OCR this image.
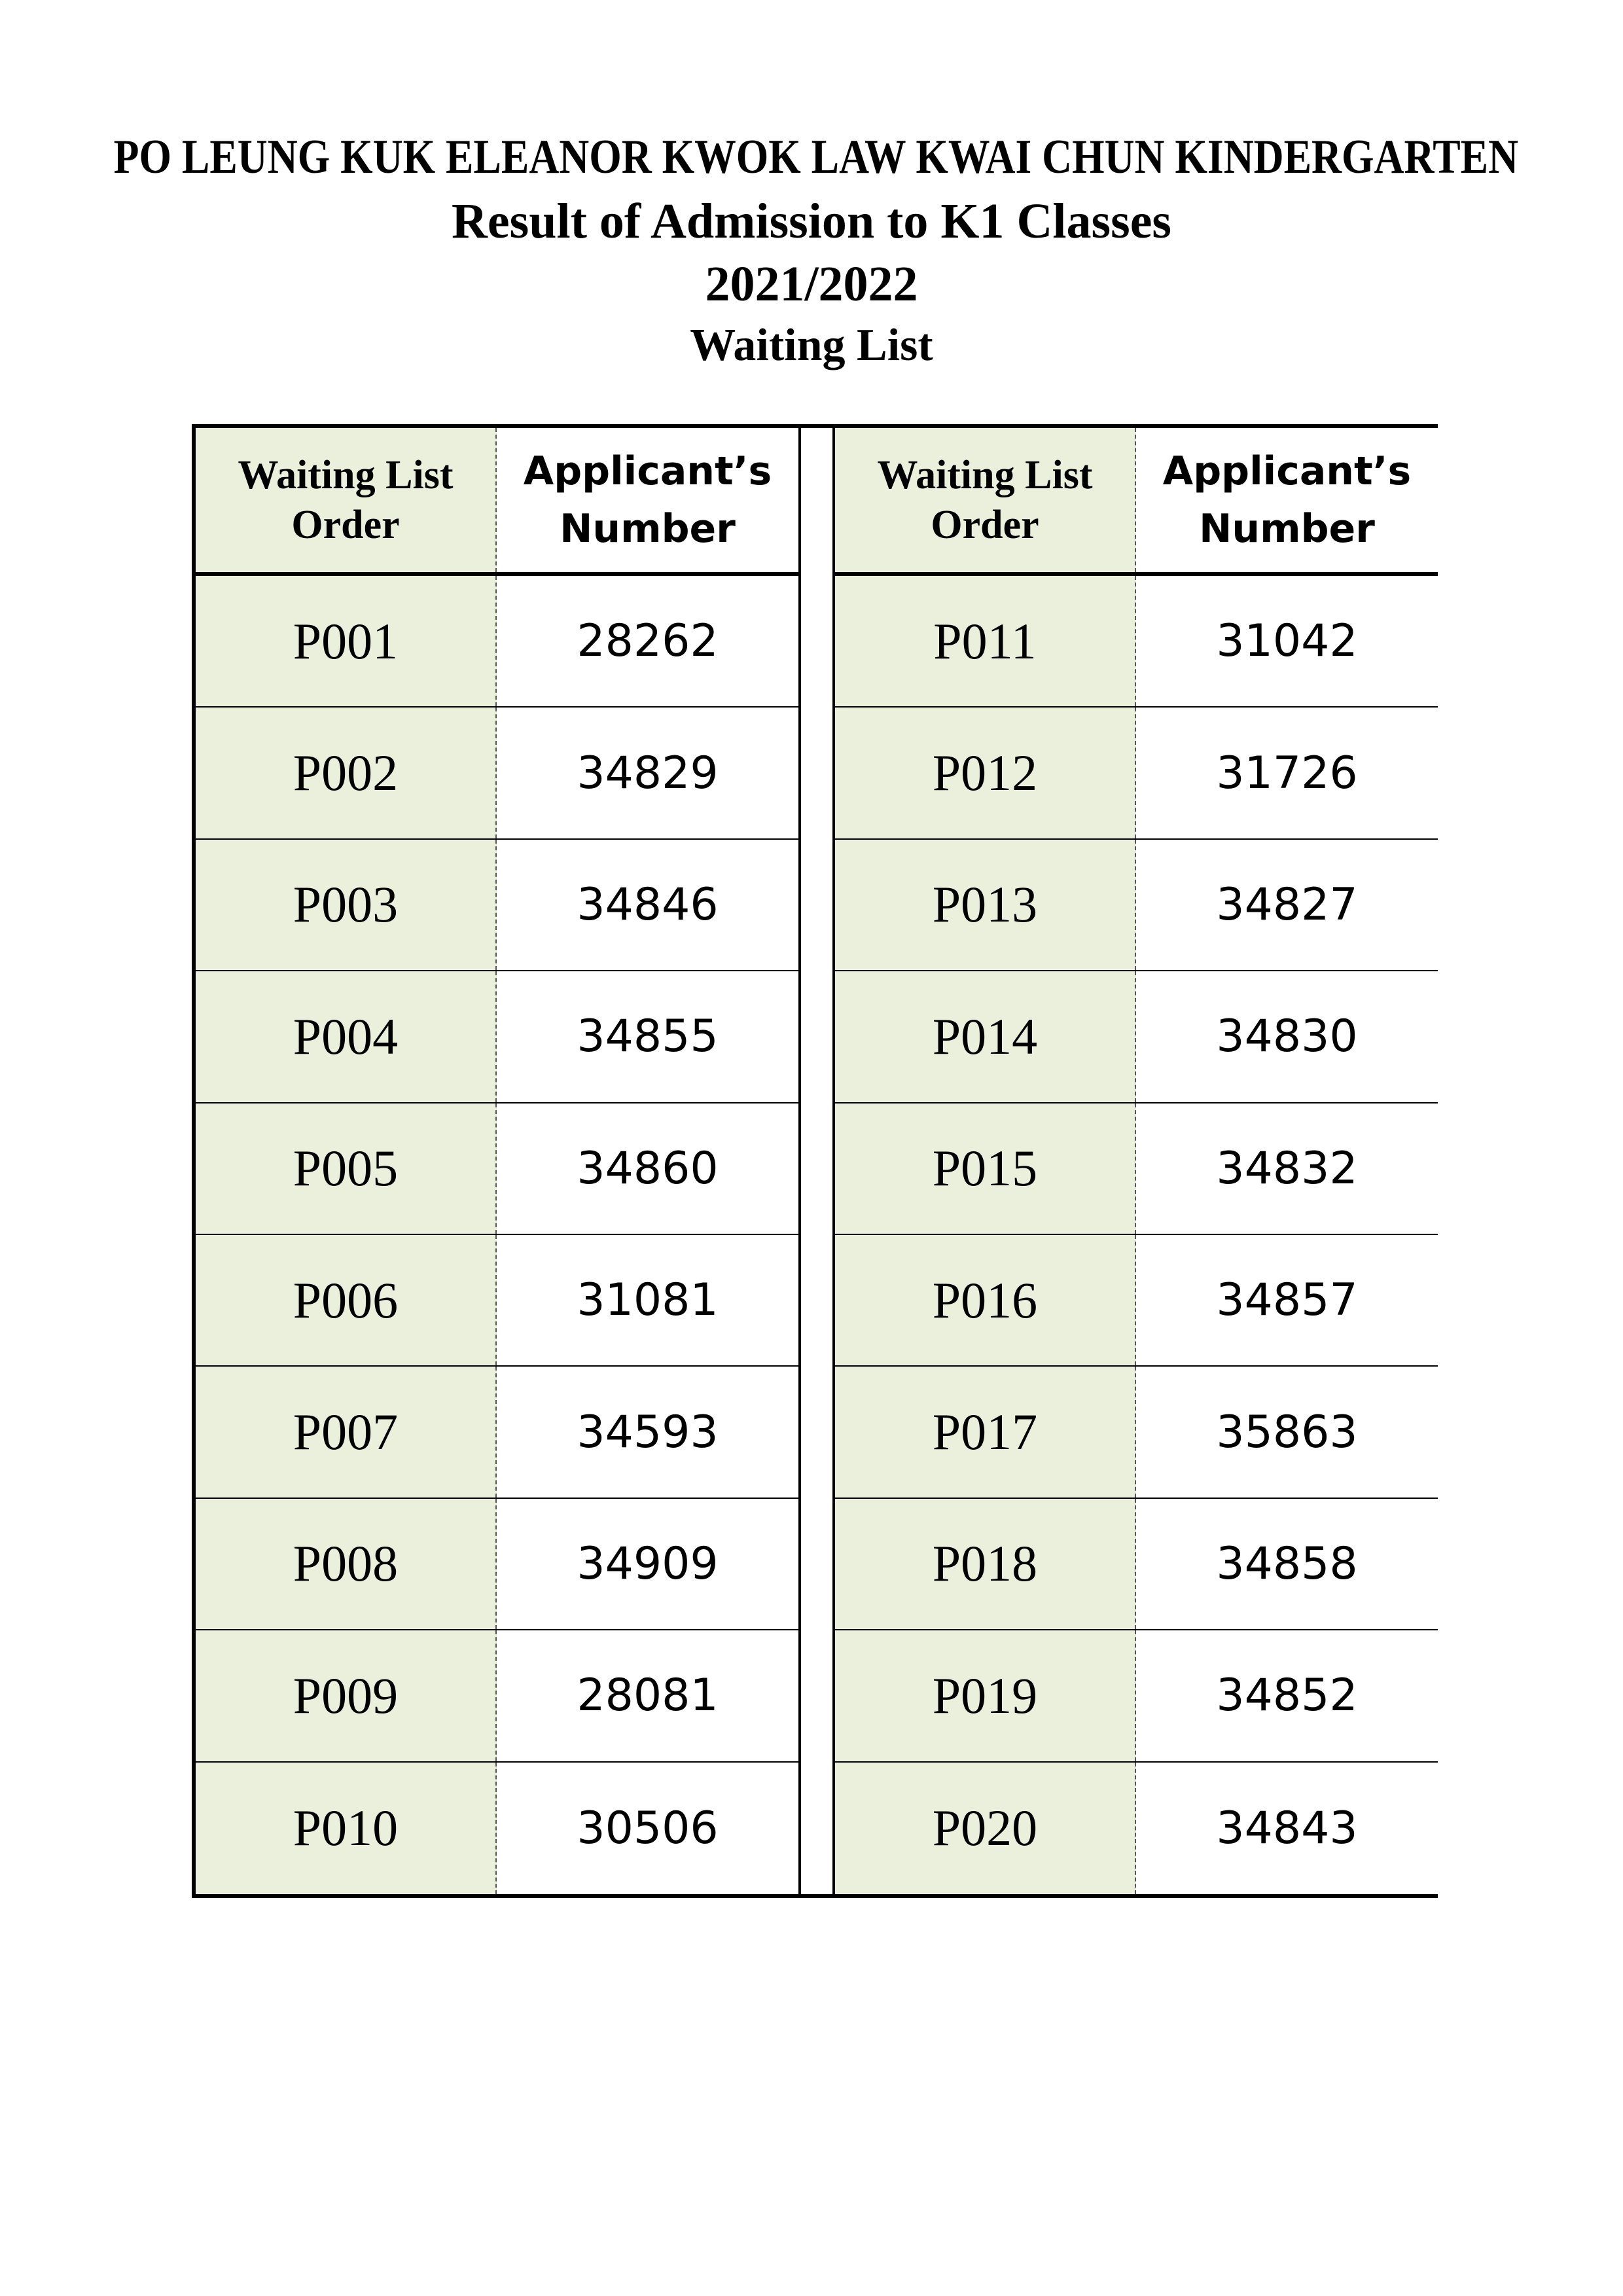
PO LEUNG KUK ELEANOR KWOK LAW KWAI CHUN KINDERGARTEN
Result of Admission to K1 Classes
2021/2022
Waiting List
Waiting List
Order
Applicant’s
Number
P001	28262
P002	34829
P003	34846
P004	34855
P005	34860
P006	31081
P007	34593
P008	34909
P009	28081
P010	30506
Waiting List
Order
Applicant’s
Number
P011	31042
P012	31726
P013	34827
P014	34830
P015	34832
P016	34857
P017	35863
P018	34858
P019	34852
P020	34843
